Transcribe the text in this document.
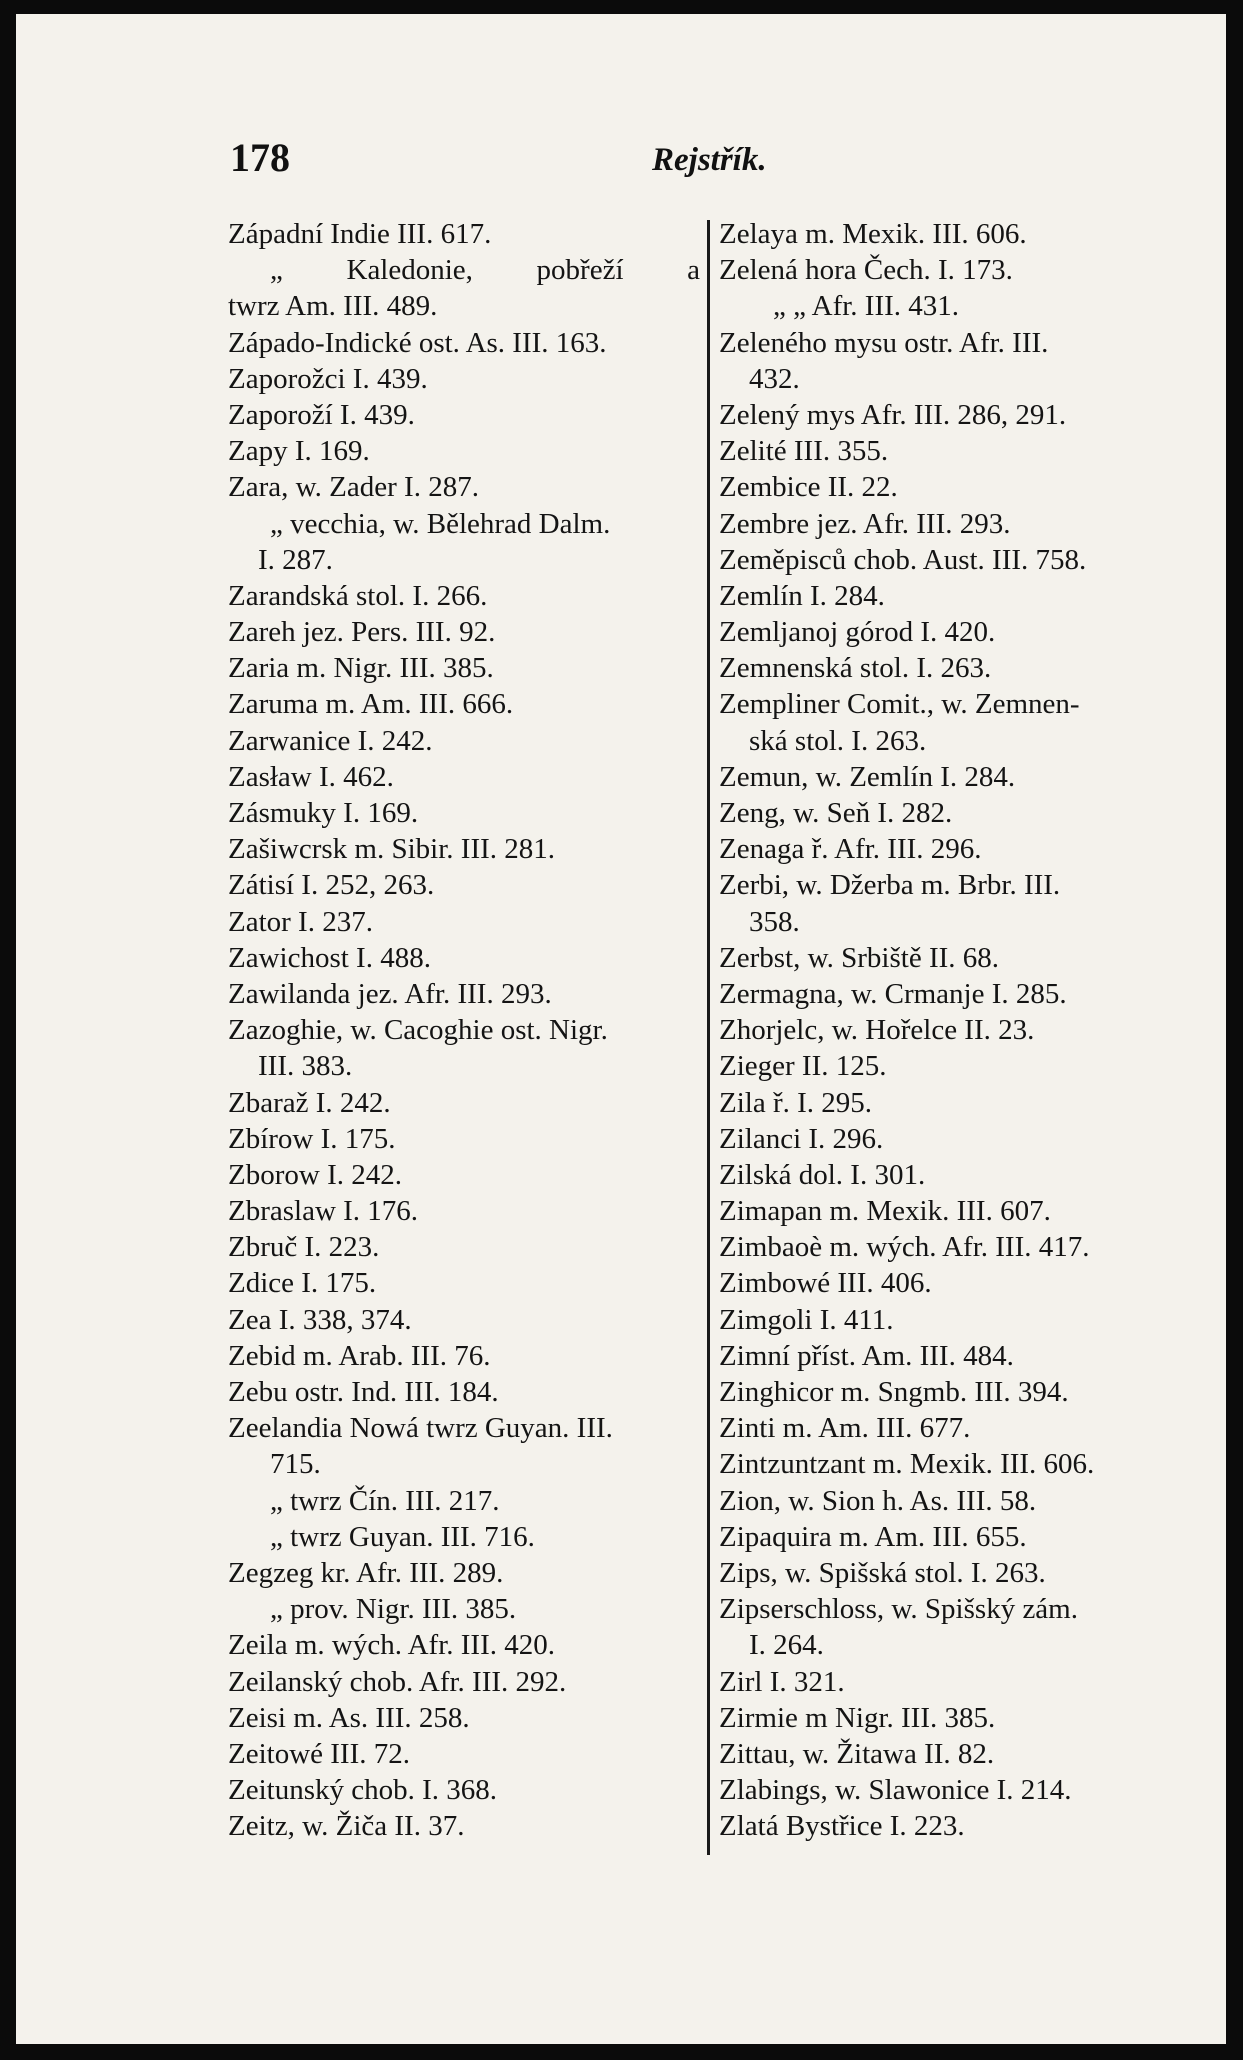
178	Rejstřík.
Západní Indie III. 617.
„ Kaledonie, pobřeží a
twrz Am. III. 489.
Západo-Indické ost. As. III. 163.
Zaporožci I. 439.
Zaporoží I. 439.
Zapy I. 169.
Zara, w. Zader I. 287.
„ vecchia, w. Bělehrad Dalm.
I. 287.
Zarandská stol. I. 266.
Zareh jez. Pers. III. 92.
Zaria m. Nigr. III. 385.
Zaruma m. Am. III. 666.
Zarwanice I. 242.
Zasław I. 462.
Zásmuky I. 169.
Zašiwcrsk m. Sibir. III. 281.
Zátisí I. 252, 263.
Zator I. 237.
Zawichost I. 488.
Zawilanda jez. Afr. III. 293.
Zazoghie, w. Cacoghie ost. Nigr.
III. 383.
Zbaraž I. 242.
Zbírow I. 175.
Zborow I. 242.
Zbraslaw I. 176.
Zbruč I. 223.
Zdice I. 175.
Zea I. 338, 374.
Zebid m. Arab. III. 76.
Zebu ostr. Ind. III. 184.
Zeelandia Nowá twrz Guyan. III.
715.
„ twrz Čín. III. 217.
„ twrz Guyan. III. 716.
Zegzeg kr. Afr. III. 289.
„ prov. Nigr. III. 385.
Zeila m. wých. Afr. III. 420.
Zeilanský chob. Afr. III. 292.
Zeisi m. As. III. 258.
Zeitowé III. 72.
Zeitunský chob. I. 368.
Zeitz, w. Žiča II. 37.
Zelaya m. Mexik. III. 606.
Zelená hora Čech. I. 173.
„ „ Afr. III. 431.
Zeleného mysu ostr. Afr. III.
432.
Zelený mys Afr. III. 286, 291.
Zelité III. 355.
Zembice II. 22.
Zembre jez. Afr. III. 293.
Zeměpisců chob. Aust. III. 758.
Zemlín I. 284.
Zemljanoj górod I. 420.
Zemnenská stol. I. 263.
Zempliner Comit., w. Zemnen-
ská stol. I. 263.
Zemun, w. Zemlín I. 284.
Zeng, w. Seň I. 282.
Zenaga ř. Afr. III. 296.
Zerbi, w. Džerba m. Brbr. III.
358.
Zerbst, w. Srbiště II. 68.
Zermagna, w. Crmanje I. 285.
Zhorjelc, w. Hořelce II. 23.
Zieger II. 125.
Zila ř. I. 295.
Zilanci I. 296.
Zilská dol. I. 301.
Zimapan m. Mexik. III. 607.
Zimbaoè m. wých. Afr. III. 417.
Zimbowé III. 406.
Zimgoli I. 411.
Zimní příst. Am. III. 484.
Zinghicor m. Sngmb. III. 394.
Zinti m. Am. III. 677.
Zintzuntzant m. Mexik. III. 606.
Zion, w. Sion h. As. III. 58.
Zipaquira m. Am. III. 655.
Zips, w. Spišská stol. I. 263.
Zipserschloss, w. Spišský zám.
I. 264.
Zirl I. 321.
Zirmie m Nigr. III. 385.
Zittau, w. Žitawa II. 82.
Zlabings, w. Slawonice I. 214.
Zlatá Bystřice I. 223.
